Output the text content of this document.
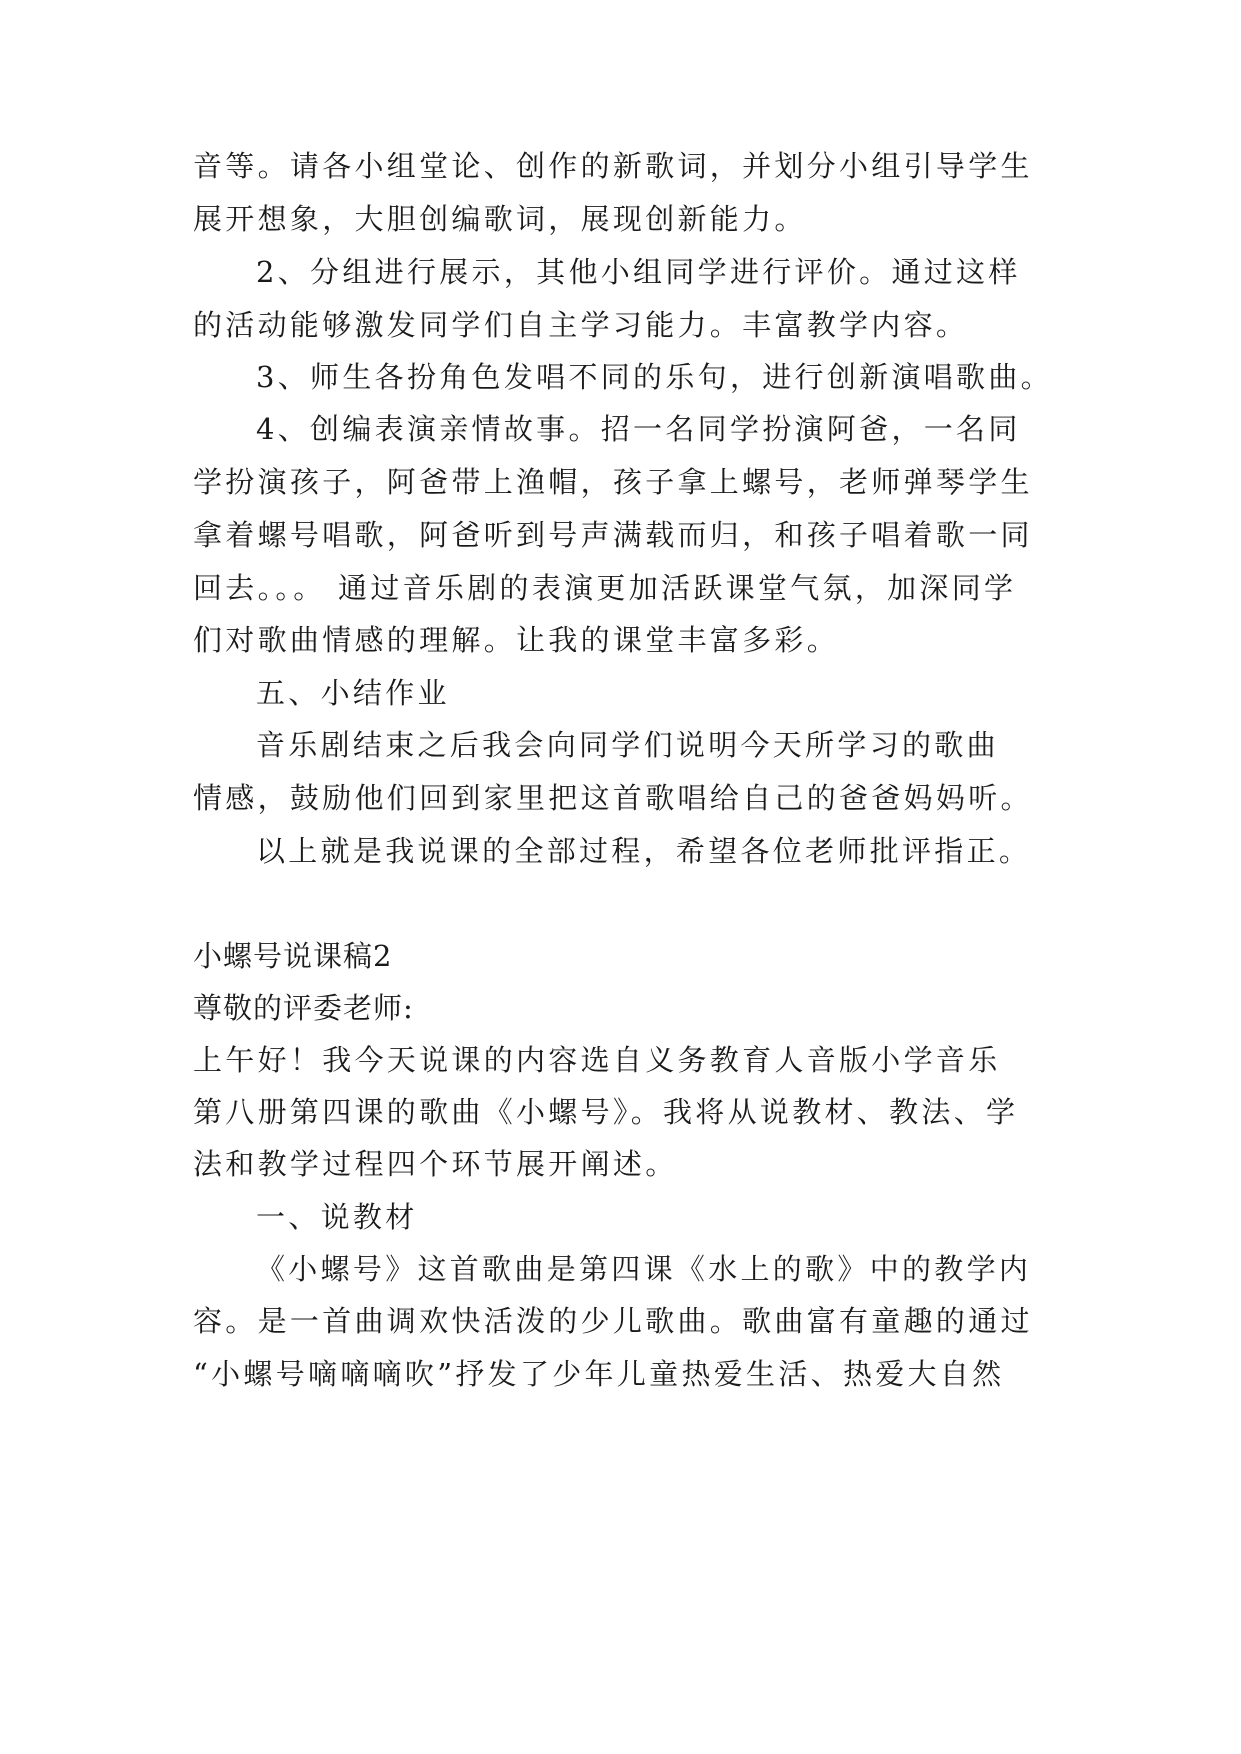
音等。请各小组堂论、创作的新歌词，并划分小组引导学生

展开想象，大胆创编歌词，展现创新能力。

2、分组进行展示，其他小组同学进行评价。通过这样

的活动能够激发同学们自主学习能力。丰富教学内容。

3、师生各扮角色发唱不同的乐句，进行创新演唱歌曲。

4、创编表演亲情故事。招一名同学扮演阿爸，一名同

学扮演孩子，阿爸带上渔帽，孩子拿上螺号，老师弹琴学生

拿着螺号唱歌，阿爸听到号声满载而归，和孩子唱着歌一同

回去。。。 通过音乐剧的表演更加活跃课堂气氛，加深同学

们对歌曲情感的理解。让我的课堂丰富多彩。

五、小结作业

音乐剧结束之后我会向同学们说明今天所学习的歌曲

情感，鼓励他们回到家里把这首歌唱给自己的爸爸妈妈听。

以上就是我说课的全部过程，希望各位老师批评指正。

小螺号说课稿2

尊敬的评委老师:

上午好！我今天说课的内容选自义务教育人音版小学音乐

第八册第四课的歌曲《小螺号》。我将从说教材、教法、学

法和教学过程四个环节展开阐述。

一、说教材

《小螺号》这首歌曲是第四课《水上的歌》中的教学内

容。是一首曲调欢快活泼的少儿歌曲。歌曲富有童趣的通过

“小螺号嘀嘀嘀吹”抒发了少年儿童热爱生活、热爱大自然
